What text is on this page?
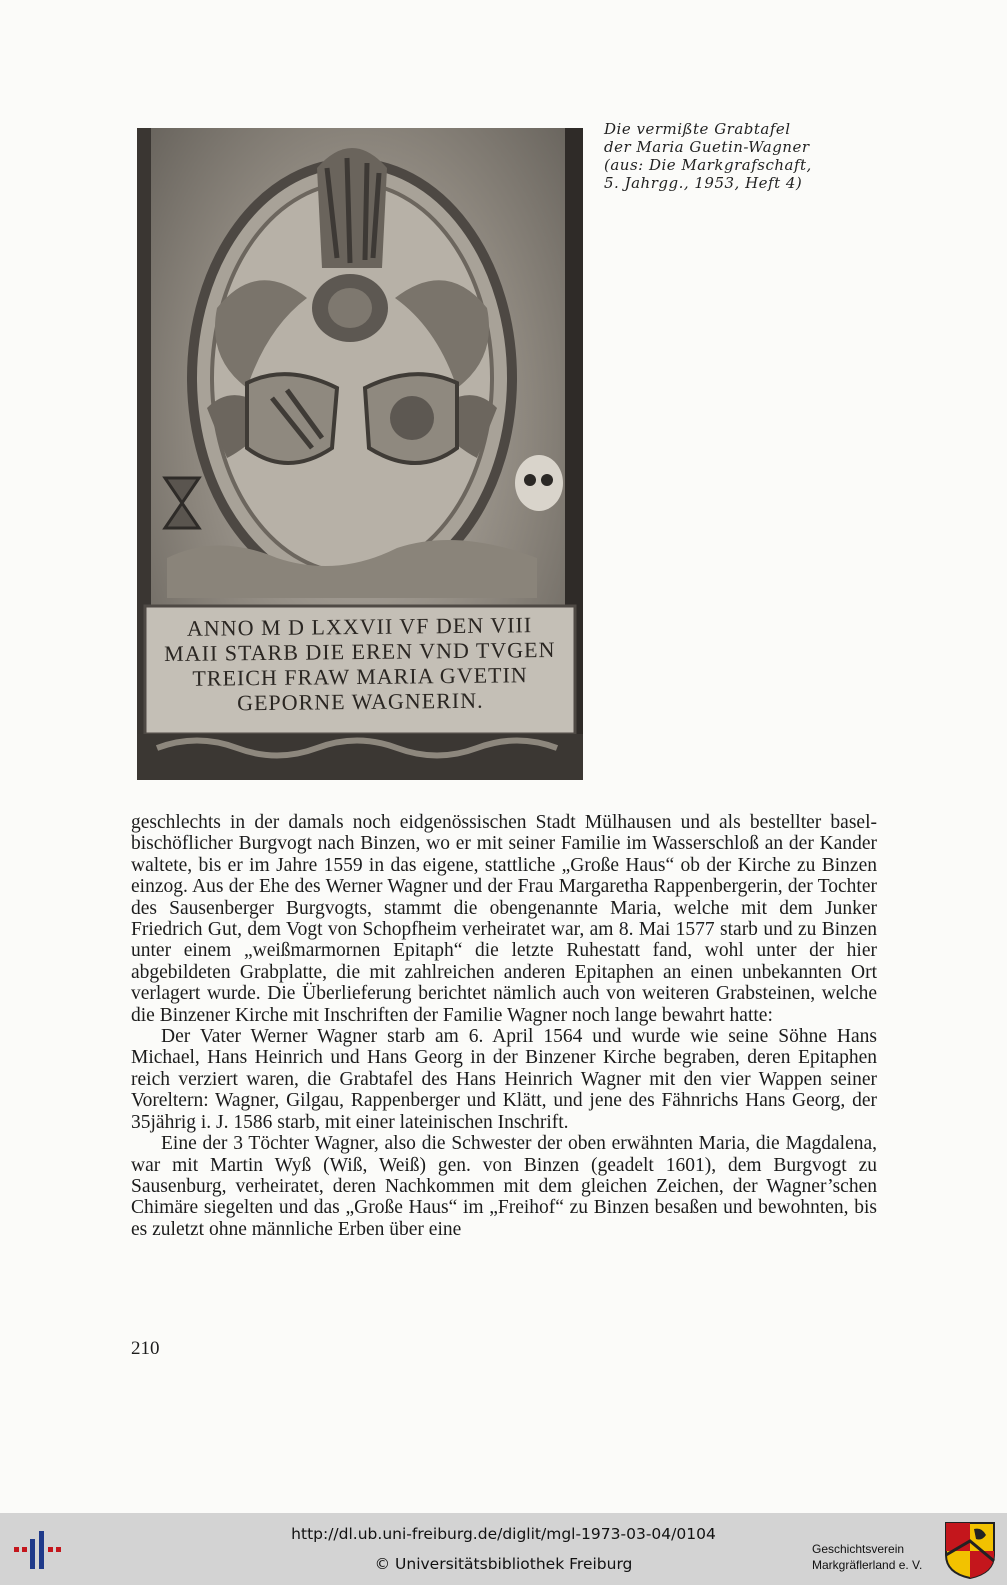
ANNO M D LXXVII VF DEN VIII
MAII STARB DIE EREN VND TVGEN
TREICH FRAW MARIA GVETIN
GEPORNE WAGNERIN.
Die vermißte Grabtafel
der Maria Guetin-Wagner
(aus: Die Markgrafschaft,
5. Jahrgg., 1953, Heft 4)

geschlechts in der damals noch eidgenössischen Stadt Mülhausen und als bestellter basel-bischöflicher Burgvogt nach Binzen, wo er mit seiner Familie im Wasserschloß an der Kander waltete, bis er im Jahre 1559 in das eigene, stattliche „Große Haus“ ob der Kirche zu Binzen einzog. Aus der Ehe des Werner Wagner und der Frau Margaretha Rappenbergerin, der Tochter des Sausenberger Burgvogts, stammt die obengenannte Maria, welche mit dem Junker Friedrich Gut, dem Vogt von Schopfheim verheiratet war, am 8. Mai 1577 starb und zu Binzen unter einem „weißmarmornen Epitaph“ die letzte Ruhestatt fand, wohl unter der hier abgebildeten Grabplatte, die mit zahlreichen anderen Epitaphen an einen unbekannten Ort verlagert wurde. Die Überlieferung berichtet nämlich auch von weiteren Grabsteinen, welche die Binzener Kirche mit Inschriften der Familie Wagner noch lange bewahrt hatte:

Der Vater Werner Wagner starb am 6. April 1564 und wurde wie seine Söhne Hans Michael, Hans Heinrich und Hans Georg in der Binzener Kirche begraben, deren Epitaphen reich verziert waren, die Grabtafel des Hans Heinrich Wagner mit den vier Wappen seiner Voreltern: Wagner, Gilgau, Rappenberger und Klätt, und jene des Fähnrichs Hans Georg, der 35jährig i. J. 1586 starb, mit einer lateinischen Inschrift.

Eine der 3 Töchter Wagner, also die Schwester der oben erwähnten Maria, die Magdalena, war mit Martin Wyß (Wiß, Weiß) gen. von Binzen (geadelt 1601), dem Burgvogt zu Sausenburg, verheiratet, deren Nachkommen mit dem gleichen Zeichen, der Wagner’schen Chimäre siegelten und das „Große Haus“ im „Freihof“ zu Binzen besaßen und bewohnten, bis es zuletzt ohne männliche Erben über eine

210
http://dl.ub.uni-freiburg.de/diglit/mgl-1973-03-04/0104
© Universitätsbibliothek Freiburg
Geschichtsverein
Markgräflerland e. V.
